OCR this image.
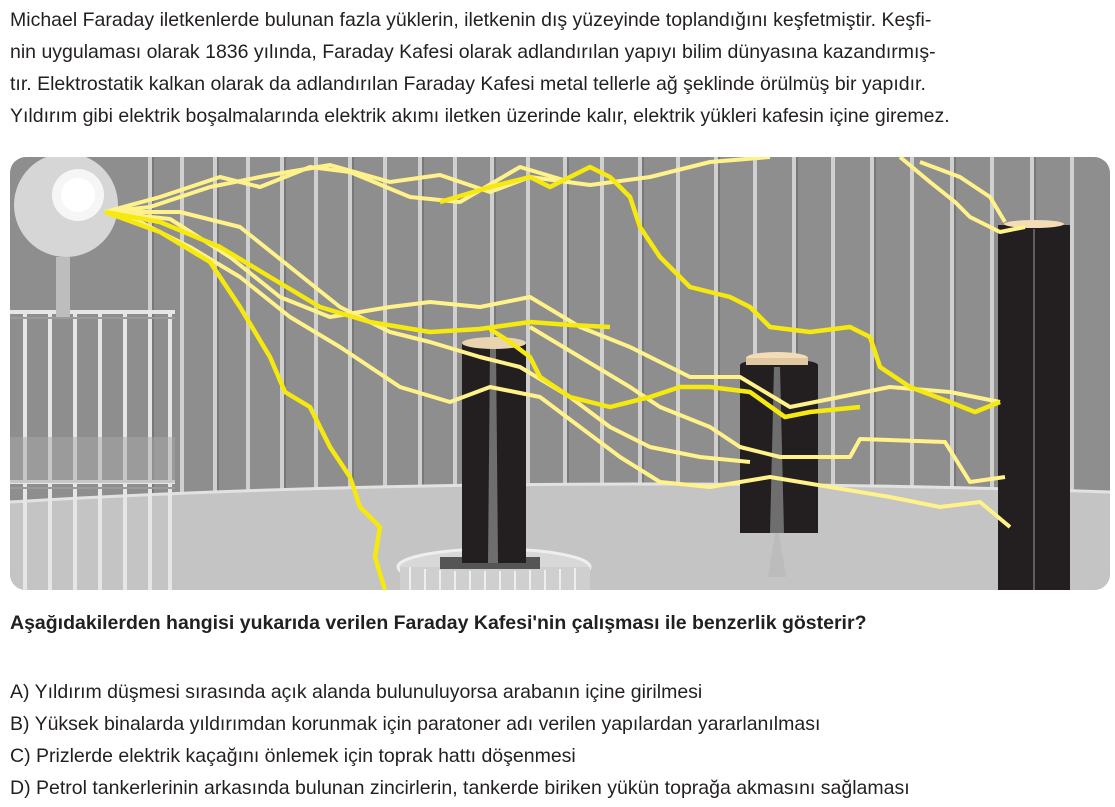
Michael Faraday iletkenlerde bulunan fazla yüklerin, iletkenin dış yüzeyinde toplandığını keşfetmiştir. Keşfi-
nin uygulaması olarak 1836 yılında, Faraday Kafesi olarak adlandırılan yapıyı bilim dünyasına kazandırmış-
tır. Elektrostatik kalkan olarak da adlandırılan Faraday Kafesi metal tellerle ağ şeklinde örülmüş bir yapıdır.
Yıldırım gibi elektrik boşalmalarında elektrik akımı iletken üzerinde kalır, elektrik yükleri kafesin içine giremez.

Aşağıdakilerden hangisi yukarıda verilen Faraday Kafesi'nin çalışması ile benzerlik gösterir?

A) Yıldırım düşmesi sırasında açık alanda bulunuluyorsa arabanın içine girilmesi
B) Yüksek binalarda yıldırımdan korunmak için paratoner adı verilen yapılardan yararlanılması
C) Prizlerde elektrik kaçağını önlemek için toprak hattı döşenmesi
D) Petrol tankerlerinin arkasında bulunan zincirlerin, tankerde biriken yükün toprağa akmasını sağlaması
